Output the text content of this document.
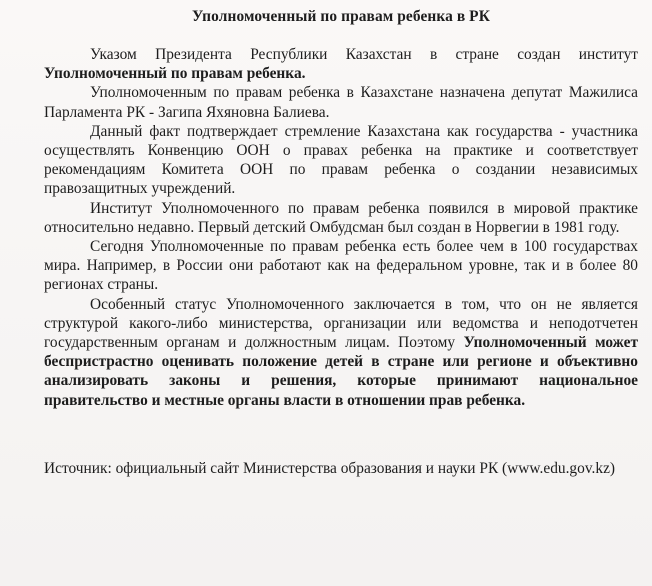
Уполномоченный по правам ребенка в РК

Указом Президента Республики Казахстан в стране создан институт Уполномоченный по правам ребенка.

Уполномоченным по правам ребенка в Казахстане назначена депутат Мажилиса Парламента РК - Загипа Яхяновна Балиева.

Данный факт подтверждает стремление Казахстана как государства - участника осуществлять Конвенцию ООН о правах ребенка на практике и соответствует рекомендациям Комитета ООН по правам ребенка о создании независимых правозащитных учреждений.

Институт Уполномоченного по правам ребенка появился в мировой практике относительно недавно. Первый детский Омбудсман был создан в Норвегии в 1981 году.

Сегодня Уполномоченные по правам ребенка есть более чем в 100 государствах мира. Например, в России они работают как на федеральном уровне, так и в более 80 регионах страны.

Особенный статус Уполномоченного заключается в том, что он не является структурой какого-либо министерства, организации или ведомства и неподотчетен государственным органам и должностным лицам. Поэтому Уполномоченный может беспристрастно оценивать положение детей в стране или регионе и объективно анализировать законы и решения, которые принимают национальное правительство и местные органы власти в отношении прав ребенка.

Источник: официальный сайт Министерства образования и науки РК (www.edu.gov.kz)
